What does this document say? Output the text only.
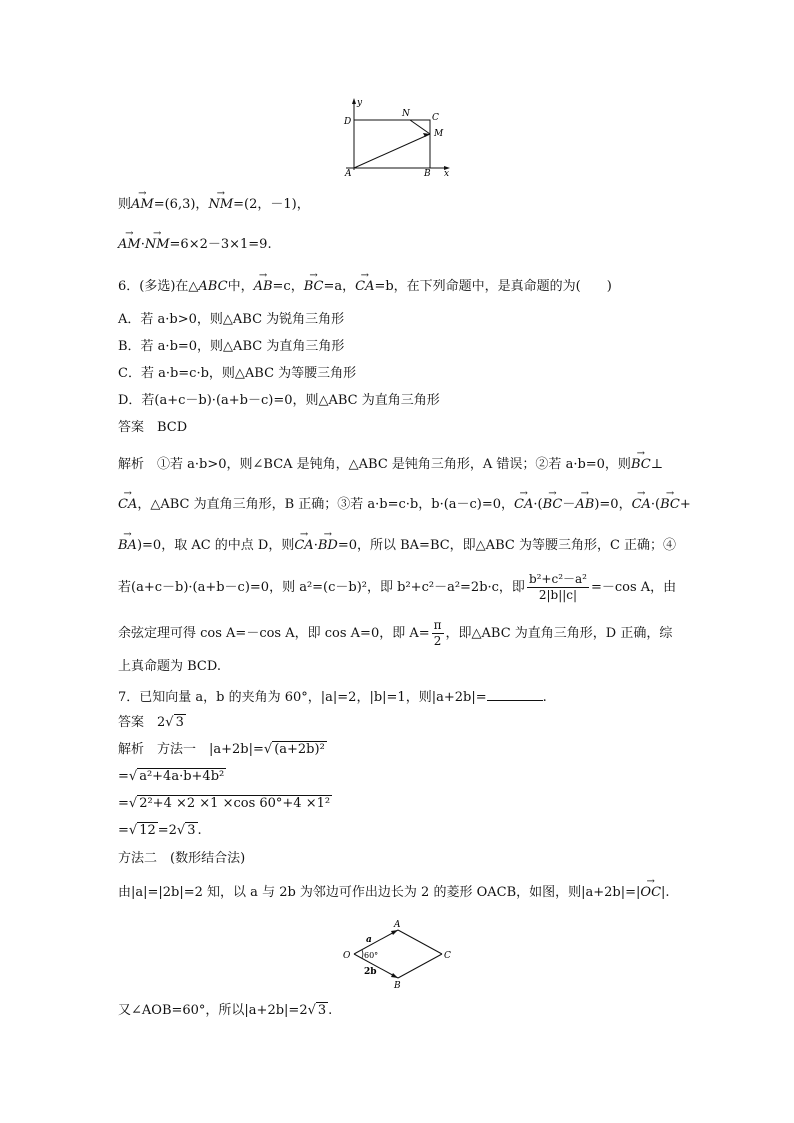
y
D
N C
M
A	B x
则→ AM=(6,3)，→ NM=(2，－1)，
→ AM·→ NM=6×2－3×1=9.
6．(多选)在△ABC中，→ AB=c，→ BC=a，→ CA=b，在下列命题中，是真命题的为(　　)
A．若 a·b>0，则△ABC 为锐角三角形
B．若 a·b=0，则△ABC 为直角三角形
C．若 a·b=c·b，则△ABC 为等腰三角形
D．若(a+c－b)·(a+b－c)=0，则△ABC 为直角三角形
答案　BCD
解析　①若 a·b>0，则∠BCA 是钝角，△ABC 是钝角三角形，A 错误；②若 a·b=0，则→ BC⊥
→ CA，△ABC 为直角三角形，B 正确；③若 a·b=c·b，b·(a－c)=0，→ CA·(→ BC－→ AB)=0，→ CA·(→ BC+
→ BA)=0，取 AC 的中点 D，则→ CA·→ BD=0，所以 BA=BC，即△ABC 为等腰三角形，C 正确；④
若(a+c－b)·(a+b－c)=0，则 a²=(c－b)²，即 b²+c²－a²=2b·c，即 $\frac{\text{b²+c²－a²}}{2|b||c|} =-\cos$ A，由
余弦定理可得 cos A=－cos A，即 cos A=0，即 $A= \frac{\pi}{2}$ ，即△ABC 为直角三角形，D 正确，综
上真命题为 BCD.
7．已知向量 a，b 的夹角为 60°，|a|=2，|b|=1，则|a+2b|=	.
答案　2√ 3
解析　方法一　|a+2b|=√ (a+2b)²
=√ a²+4a·b+4b²
=√ 2²+4 ×2 ×1 ×cos 60°+4 ×1²
=√ 12 =2√ 3 .
方法二　(数形结合法)
由|a|=|2b|=2 知，以 a 与 2b 为邻边可作出边长为 2 的菱形 OACB，如图，则|a+2b|=|→ OC|.
A
O	C
B
a
60°
2b
又∠AOB=60°，所以|a+2b|=2√ 3 .
